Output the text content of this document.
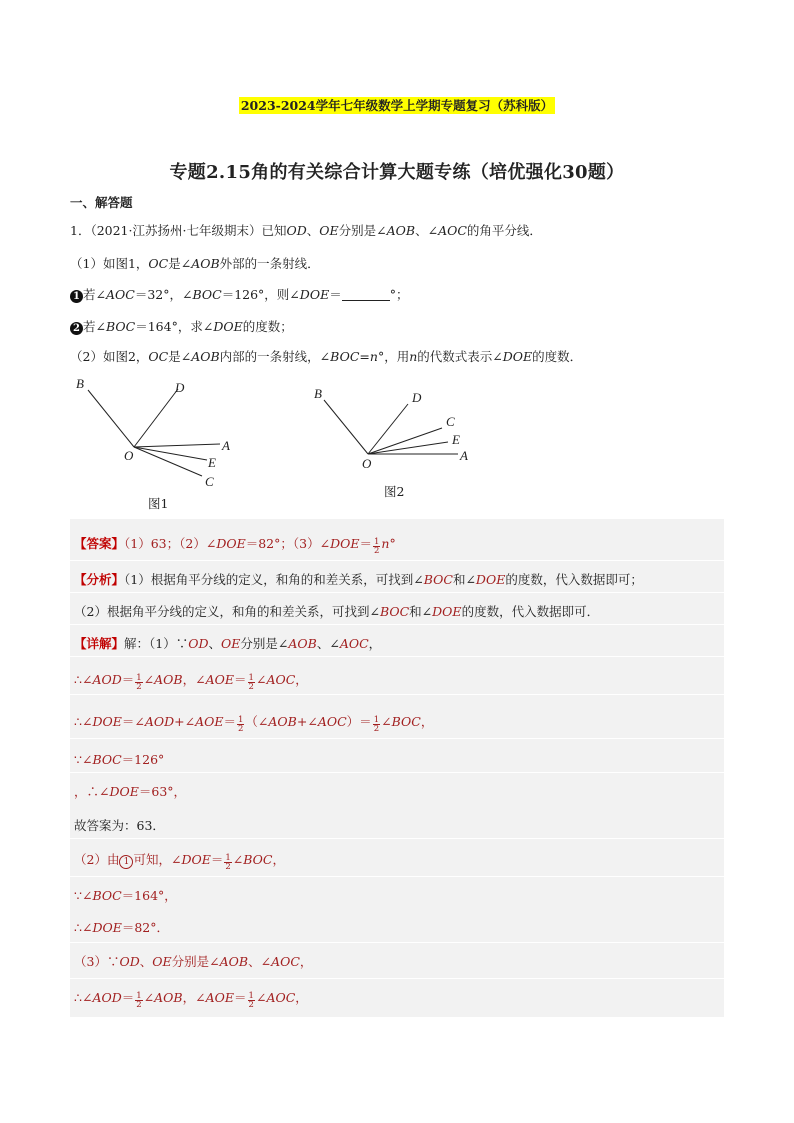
2023-2024学年七年级数学上学期专题复习（苏科版）
专题2.15角的有关综合计算大题专练（培优强化30题）
一、解答题
1．（2021·江苏扬州·七年级期末）已知OD、OE分别是∠AOB、∠AOC的角平分线．
（1）如图1，OC是∠AOB外部的一条射线．
1 若∠AOC＝32°，∠BOC＝126°，则∠DOE＝	°；
2 若∠BOC＝164°，求∠DOE的度数；
（2）如图2，OC是∠AOB内部的一条射线，∠BOC=n°，用n的代数式表示∠DOE的度数．
B	D
A
O	E
C
图1
B	D
C
E
A
O
图2
【答案】（1）63；（2）∠DOE＝82°；（3）∠DOE＝ $\frac{1}{2} n^\circ$
【分析】（1）根据角平分线的定义，和角的和差关系，可找到∠BOC和∠DOE的度数，代入数据即可；
（2）根据角平分线的定义，和角的和差关系，可找到∠BOC和∠DOE的度数，代入数据即可．
【详解】解：（1）∵OD、OE分别是∠AOB、∠AOC，
∴∠AOD＝ $\frac{1}{2}$ ∠AOB，∠AOE＝ $\frac{1}{2}$ ∠AOC，
∴∠DOE＝∠AOD+∠AOE＝ $\frac{1}{2}$ （∠AOB+∠AOC）＝ $\frac{1}{2}$ ∠BOC，
∵∠BOC＝126°
，∴∠DOE＝63°，
故答案为：63．
（2）由 1 可知，∠DOE＝ $\frac{1}{2}$ ∠BOC，
∵∠BOC＝164°，
∴∠DOE＝82°．
（3）∵OD、OE分别是∠AOB、∠AOC，
∴∠AOD＝ $\frac{1}{2}$ ∠AOB，∠AOE＝ $\frac{1}{2}$ ∠AOC，
